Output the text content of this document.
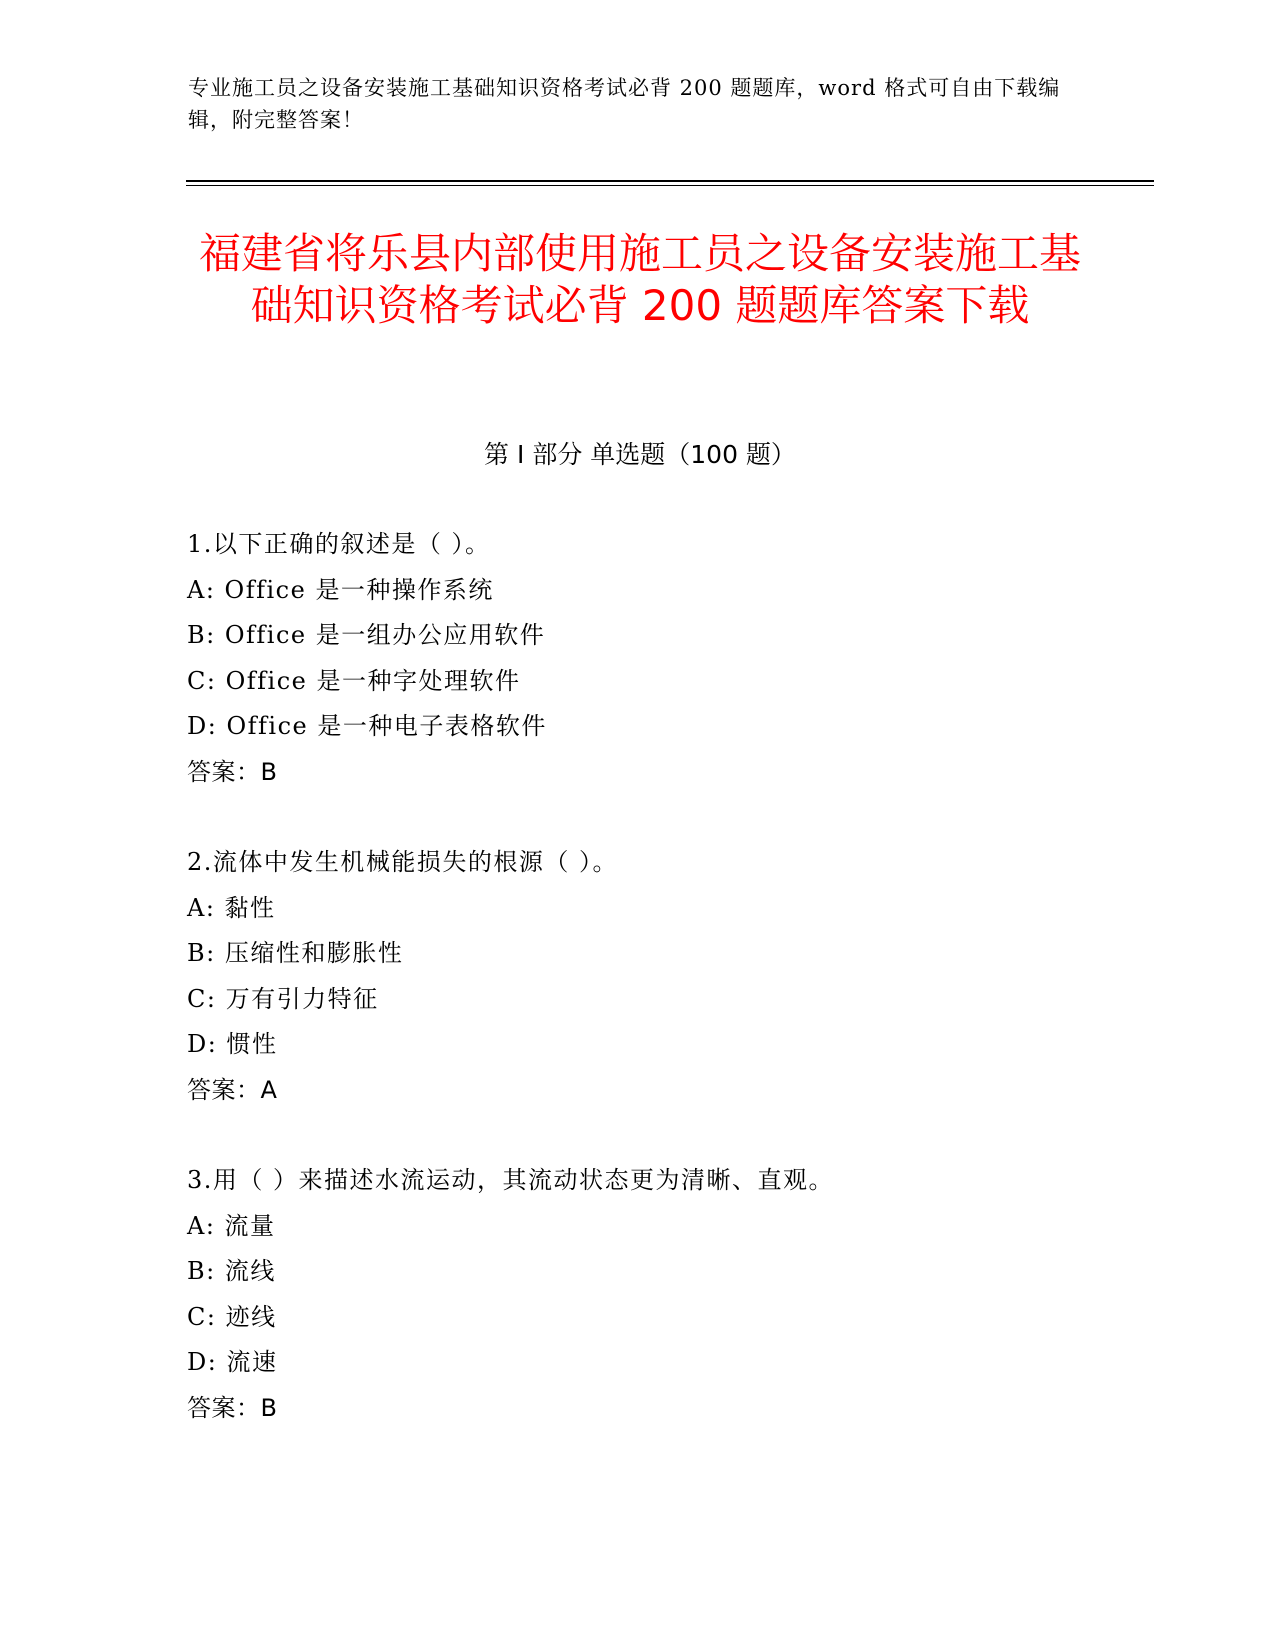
专业施工员之设备安装施工基础知识资格考试必背 200 题题库，word 格式可自由下载编辑，附完整答案！
福建省将乐县内部使用施工员之设备安装施工基础知识资格考试必背 200 题题库答案下载
第 I 部分 单选题（100 题）
1.以下正确的叙述是（ ）。
A: Office 是一种操作系统
B: Office 是一组办公应用软件
C: Office 是一种字处理软件
D: Office 是一种电子表格软件
答案：B
2.流体中发生机械能损失的根源（ ）。
A: 黏性
B: 压缩性和膨胀性
C: 万有引力特征
D: 惯性
答案：A
3.用（ ）来描述水流运动，其流动状态更为清晰、直观。
A: 流量
B: 流线
C: 迹线
D: 流速
答案：B
